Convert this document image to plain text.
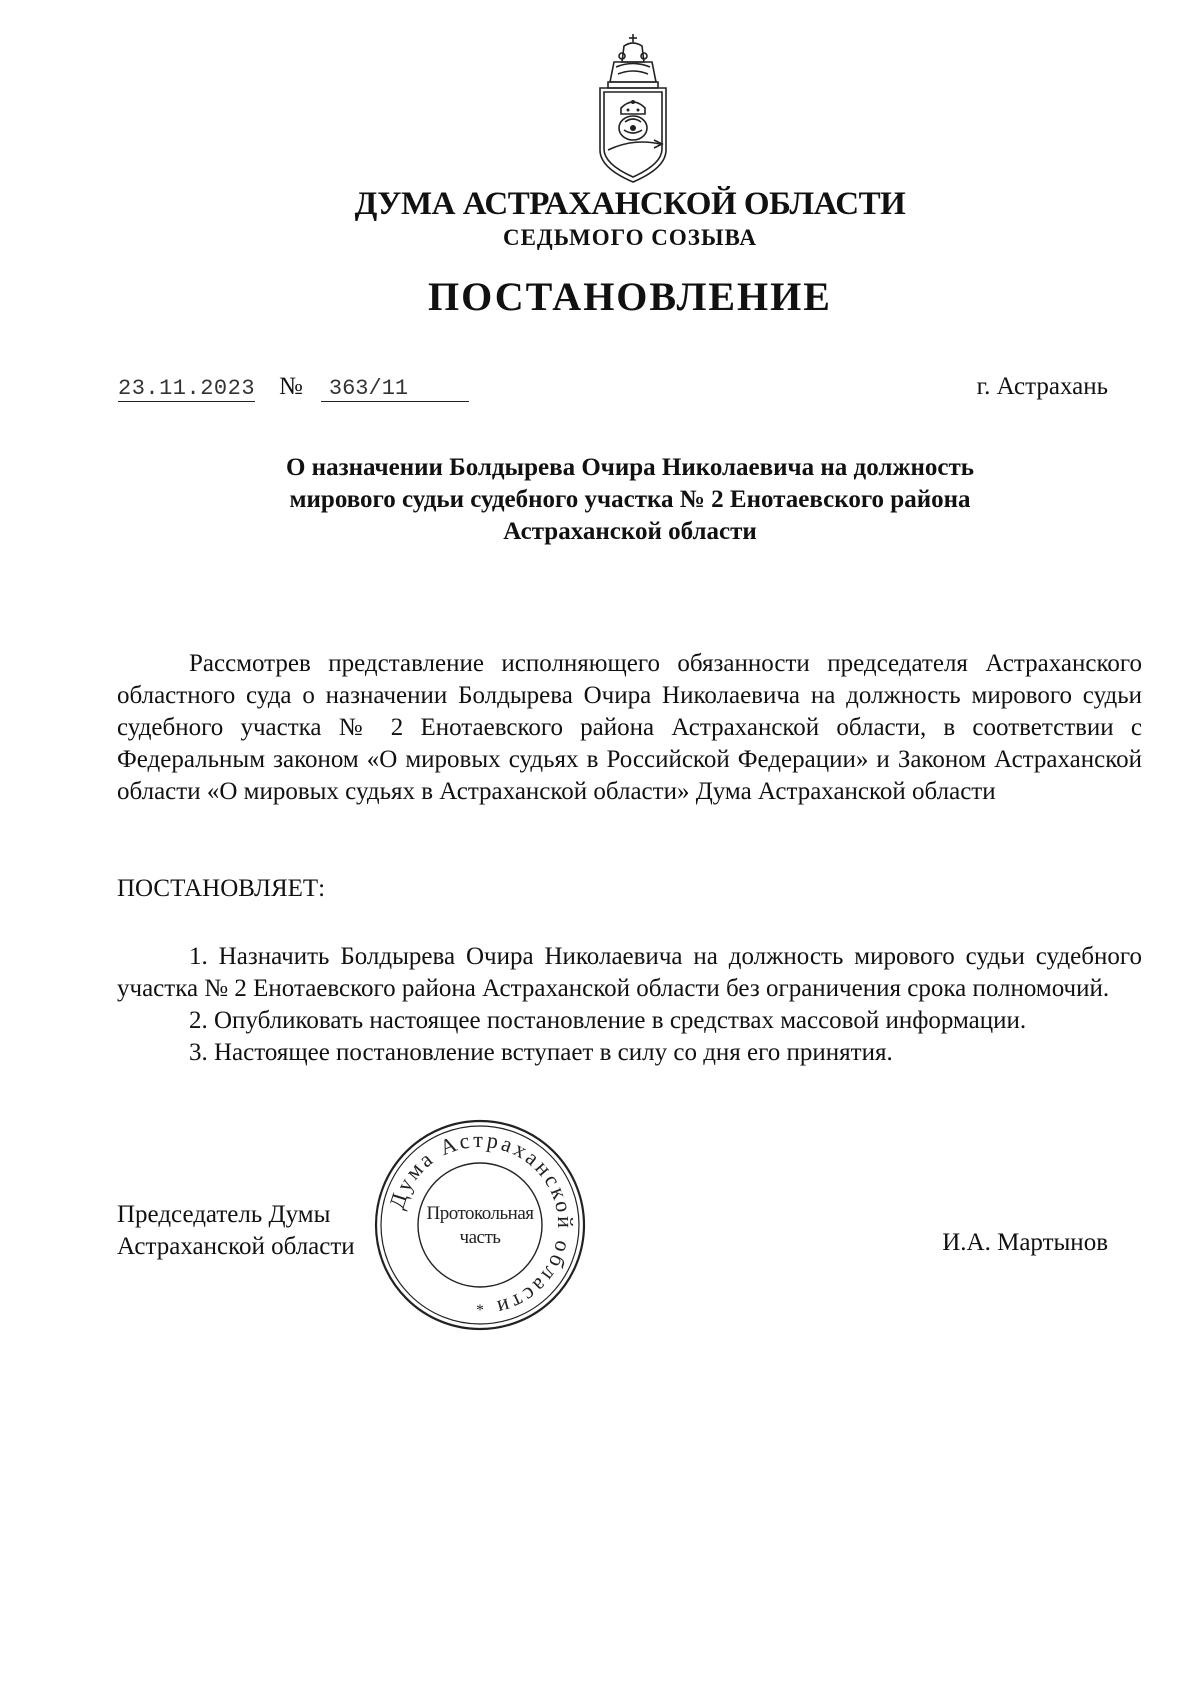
ДУМА АСТРАХАНСКОЙ ОБЛАСТИ
СЕДЬМОГО СОЗЫВА
ПОСТАНОВЛЕНИЕ
23.11.2023 №	363/11	г. Астрахань
О назначении Болдырева Очира Николаевича на должность
мирового судьи судебного участка № 2 Енотаевского района
Астраханской области
Рассмотрев представление исполняющего обязанности председателя Астраханского областного суда о назначении Болдырева Очира Николаевича на должность мирового судьи судебного участка № 2 Енотаевского района Астраханской области, в соответствии с Федеральным законом «О мировых судьях в Российской Федерации» и Законом Астраханской области «О мировых судьях в Астраханской области» Дума Астраханской области
ПОСТАНОВЛЯЕТ:
1. Назначить Болдырева Очира Николаевича на должность мирового судьи судебного участка № 2 Енотаевского района Астраханской области без ограничения срока полномочий.
2. Опубликовать настоящее постановление в средствах массовой информации.
3. Настоящее постановление вступает в силу со дня его принятия.
Председатель Думы
Астраханской области	И.А. Мартынов
Дума Астраханской области
*
Протокольная
часть
